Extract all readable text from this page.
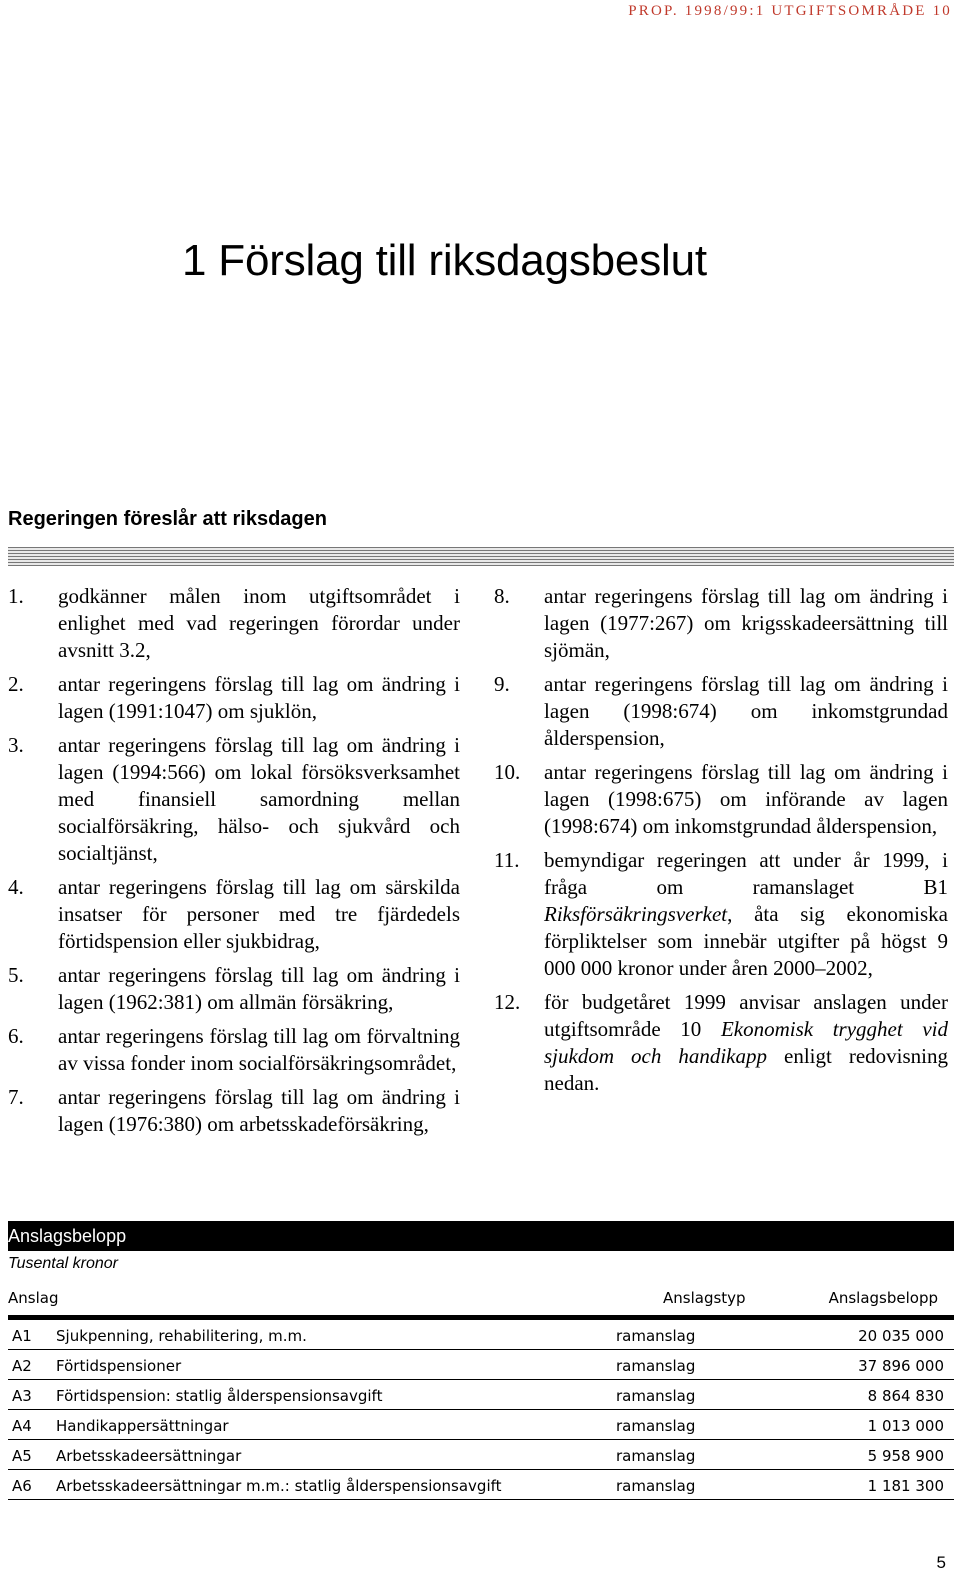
PROP. 1998/99:1 UTGIFTSOMRÅDE 10
1 Förslag till riksdagsbeslut
Regeringen föreslår att riksdagen
1.	godkänner målen inom utgiftsområdet i enlighet med vad regeringen förordar under avsnitt 3.2,
2.	antar regeringens förslag till lag om ändring i lagen (1991:1047) om sjuklön,
3.	antar regeringens förslag till lag om ändring i lagen (1994:566) om lokal försöksverksamhet med finansiell samordning mellan socialförsäkring, hälso- och sjukvård och socialtjänst,
4.	antar regeringens förslag till lag om särskilda insatser för personer med tre fjärdedels förtidspension eller sjukbidrag,
5.	antar regeringens förslag till lag om ändring i lagen (1962:381) om allmän försäkring,
6.	antar regeringens förslag till lag om förvaltning av vissa fonder inom socialförsäkringsområdet,
7.	antar regeringens förslag till lag om ändring i lagen (1976:380) om arbetsskadeförsäkring,
8.	antar regeringens förslag till lag om ändring i lagen (1977:267) om krigsskadeersättning till sjömän,
9.	antar regeringens förslag till lag om ändring i lagen (1998:674) om inkomstgrundad ålderspension,
10.	antar regeringens förslag till lag om ändring i lagen (1998:675) om införande av lagen (1998:674) om inkomstgrundad ålderspension,
11.	bemyndigar regeringen att under år 1999, i fråga om ramanslaget B1 Riksförsäkringsverket, åta sig ekonomiska förpliktelser som innebär utgifter på högst 9 000 000 kronor under åren 2000–2002,
12.	för budgetåret 1999 anvisar anslagen under utgiftsområde 10 Ekonomisk trygghet vid sjukdom och handikapp enligt redovisning nedan.
Anslagsbelopp
Tusental kronor
Anslag	Anslagstyp	Anslagsbelopp
A1	Sjukpenning, rehabilitering, m.m.	ramanslag	20 035 000
A2	Förtidspensioner	ramanslag	37 896 000
A3	Förtidspension: statlig ålderspensionsavgift	ramanslag	8 864 830
A4	Handikappersättningar	ramanslag	1 013 000
A5	Arbetsskadeersättningar	ramanslag	5 958 900
A6	Arbetsskadeersättningar m.m.: statlig ålderspensionsavgift	ramanslag	1 181 300
5
